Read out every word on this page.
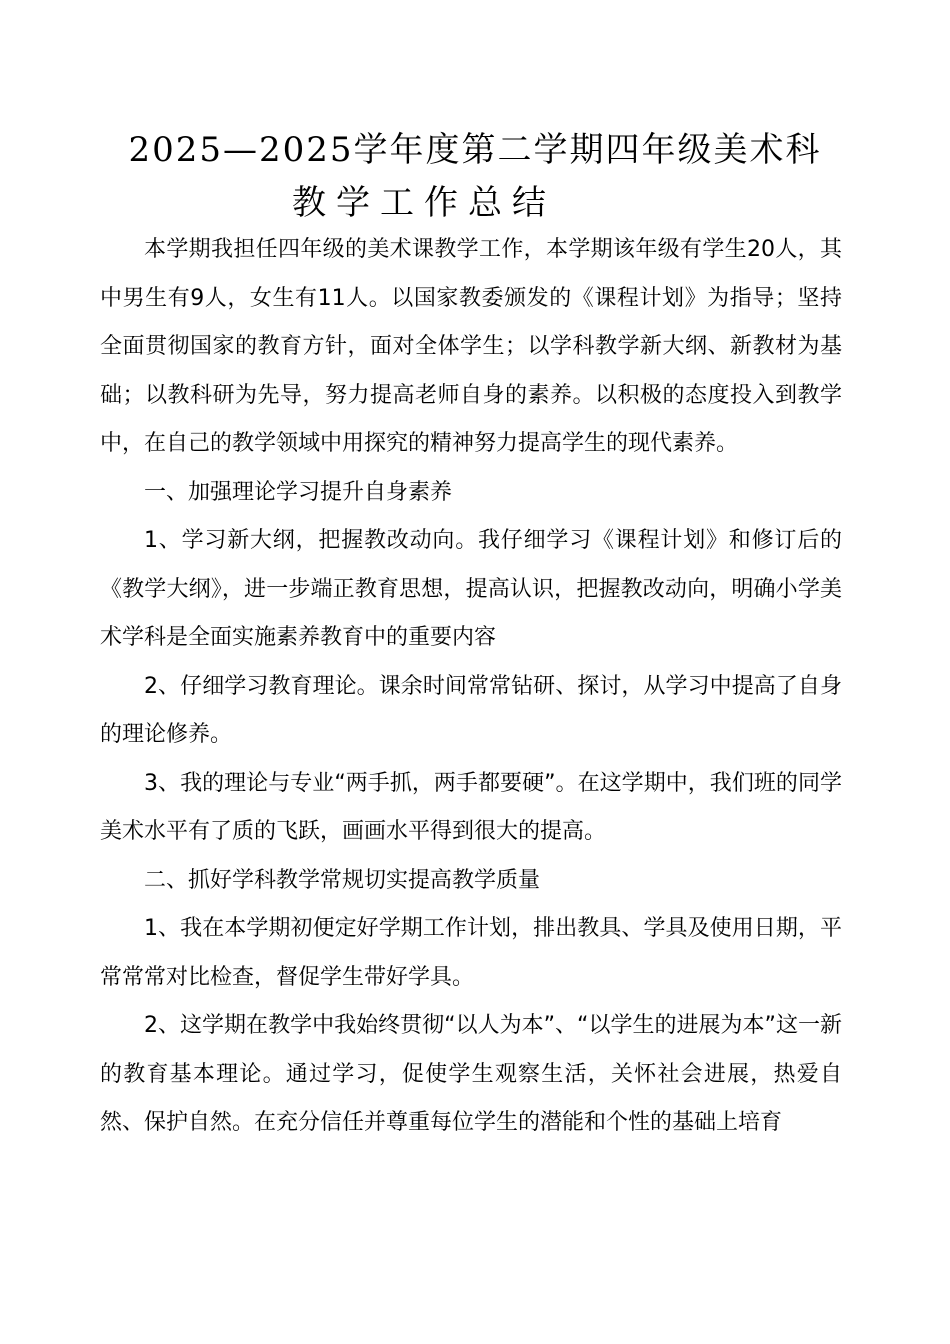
2025—2025学年度第二学期四年级美术科
教学工作总结

本学期我担任四年级的美术课教学工作，本学期该年级有学生20人，其中男生有9人，女生有11人。以国家教委颁发的《课程计划》为指导；坚持全面贯彻国家的教育方针，面对全体学生；以学科教学新大纲、新教材为基础；以教科研为先导，努力提高老师自身的素养。以积极的态度投入到教学中，在自己的教学领域中用探究的精神努力提高学生的现代素养。

一、加强理论学习提升自身素养

1、学习新大纲，把握教改动向。我仔细学习《课程计划》和修订后的《教学大纲》，进一步端正教育思想，提高认识，把握教改动向，明确小学美术学科是全面实施素养教育中的重要内容

2、仔细学习教育理论。课余时间常常钻研、探讨，从学习中提高了自身的理论修养。

3、我的理论与专业“两手抓，两手都要硬”。在这学期中，我们班的同学美术水平有了质的飞跃，画画水平得到很大的提高。

二、抓好学科教学常规切实提高教学质量

1、我在本学期初便定好学期工作计划，排出教具、学具及使用日期，平常常常对比检查，督促学生带好学具。

2、这学期在教学中我始终贯彻“以人为本”、“以学生的进展为本”这一新的教育基本理论。通过学习，促使学生观察生活，关怀社会进展，热爱自然、保护自然。在充分信任并尊重每位学生的潜能和个性的基础上培育
